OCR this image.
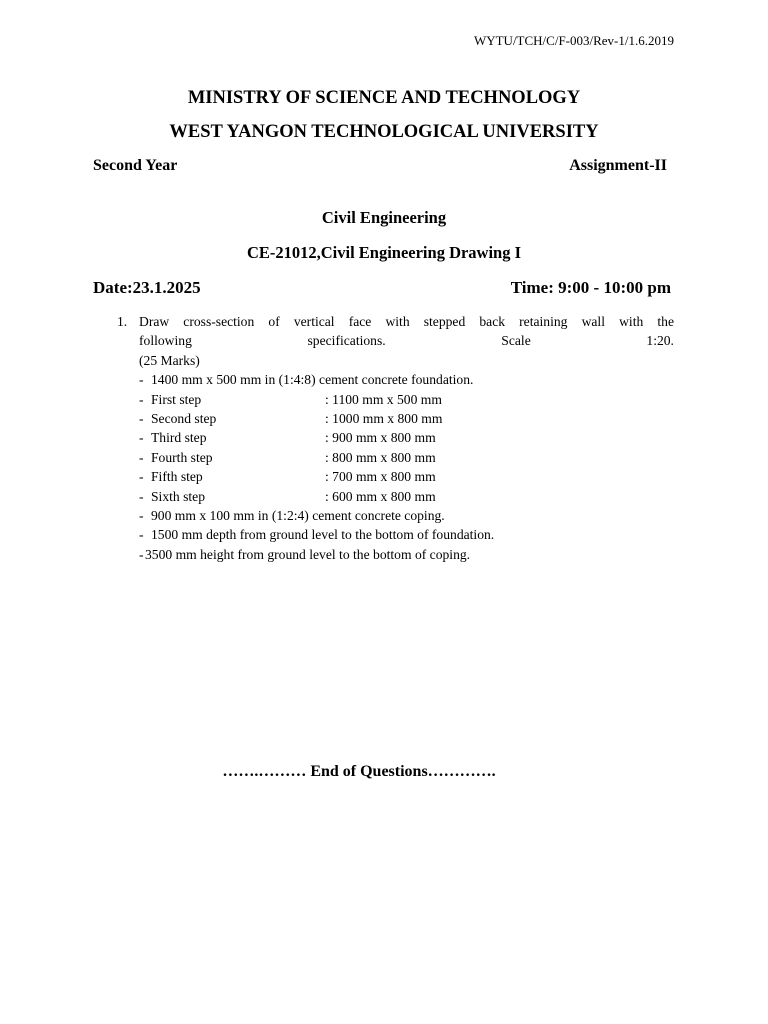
WYTU/TCH/C/F-003/Rev-1/1.6.2019
MINISTRY OF SCIENCE AND TECHNOLOGY
WEST YANGON TECHNOLOGICAL UNIVERSITY
Second Year	Assignment-II
Civil Engineering
CE-21012,Civil Engineering Drawing I
Date:23.1.2025	Time: 9:00 - 10:00 pm
1. Draw cross-section of vertical face with stepped back retaining wall with the
following	specifications.	Scale	1:20.
(25 Marks)
- 1400 mm x 500 mm in (1:4:8) cement concrete foundation.
- First step	: 1100 mm x 500 mm
- Second step	: 1000 mm x 800 mm
- Third step	: 900 mm x 800 mm
- Fourth step	: 800 mm x 800 mm
- Fifth step	: 700 mm x 800 mm
- Sixth step	: 600 mm x 800 mm
- 900 mm x 100 mm in (1:2:4) cement concrete coping.
- 1500 mm depth from ground level to the bottom of foundation.
- 3500 mm height from ground level to the bottom of coping.
…….……… End of Questions………….
